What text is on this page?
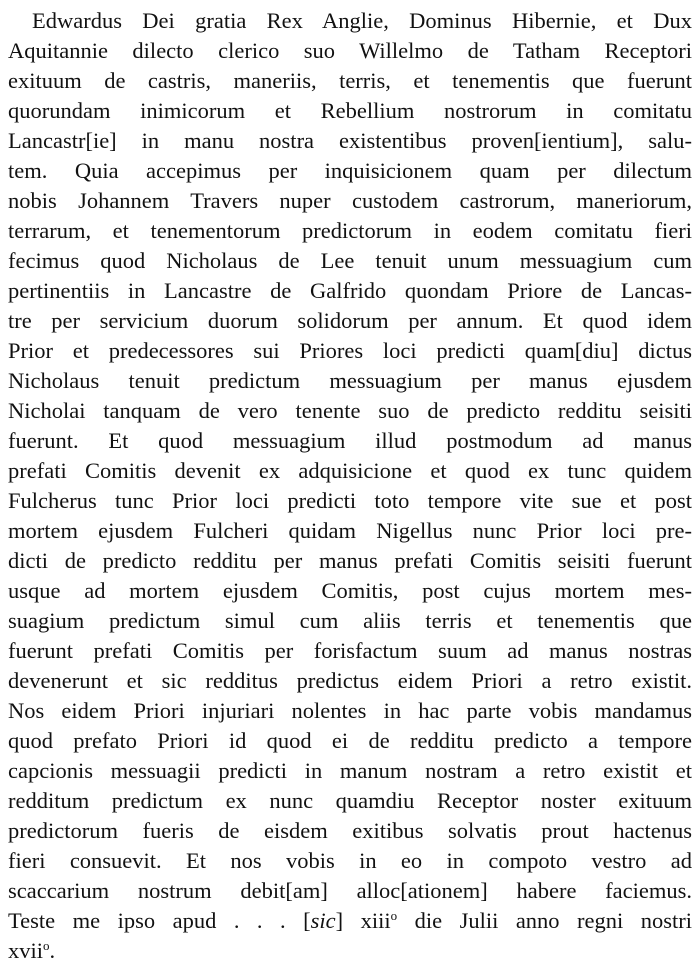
Edwardus Dei gratia Rex Anglie, Dominus Hibernie, et Dux
Aquitannie dilecto clerico suo Willelmo de Tatham Receptori
exituum de castris, maneriis, terris, et tenementis que fuerunt
quorundam inimicorum et Rebellium nostrorum in comitatu
Lancastr[ie] in manu nostra existentibus proven[ientium], salu-
tem. Quia accepimus per inquisicionem quam per dilectum
nobis Johannem Travers nuper custodem castrorum, maneriorum,
terrarum, et tenementorum predictorum in eodem comitatu fieri
fecimus quod Nicholaus de Lee tenuit unum messuagium cum
pertinentiis in Lancastre de Galfrido quondam Priore de Lancas-
tre per servicium duorum solidorum per annum. Et quod idem
Prior et predecessores sui Priores loci predicti quam[diu] dictus
Nicholaus tenuit predictum messuagium per manus ejusdem
Nicholai tanquam de vero tenente suo de predicto redditu seisiti
fuerunt. Et quod messuagium illud postmodum ad manus
prefati Comitis devenit ex adquisicione et quod ex tunc quidem
Fulcherus tunc Prior loci predicti toto tempore vite sue et post
mortem ejusdem Fulcheri quidam Nigellus nunc Prior loci pre-
dicti de predicto redditu per manus prefati Comitis seisiti fuerunt
usque ad mortem ejusdem Comitis, post cujus mortem mes-
suagium predictum simul cum aliis terris et tenementis que
fuerunt prefati Comitis per forisfactum suum ad manus nostras
devenerunt et sic redditus predictus eidem Priori a retro existit.
Nos eidem Priori injuriari nolentes in hac parte vobis mandamus
quod prefato Priori id quod ei de redditu predicto a tempore
capcionis messuagii predicti in manum nostram a retro existit et
redditum predictum ex nunc quamdiu Receptor noster exituum
predictorum fueris de eisdem exitibus solvatis prout hactenus
fieri consuevit. Et nos vobis in eo in compoto vestro ad
scaccarium nostrum debit[am] alloc[ationem] habere faciemus.
Teste me ipso apud . . . [sic] xiii$^o$ die Julii anno regni nostri
xvii$^o$.
